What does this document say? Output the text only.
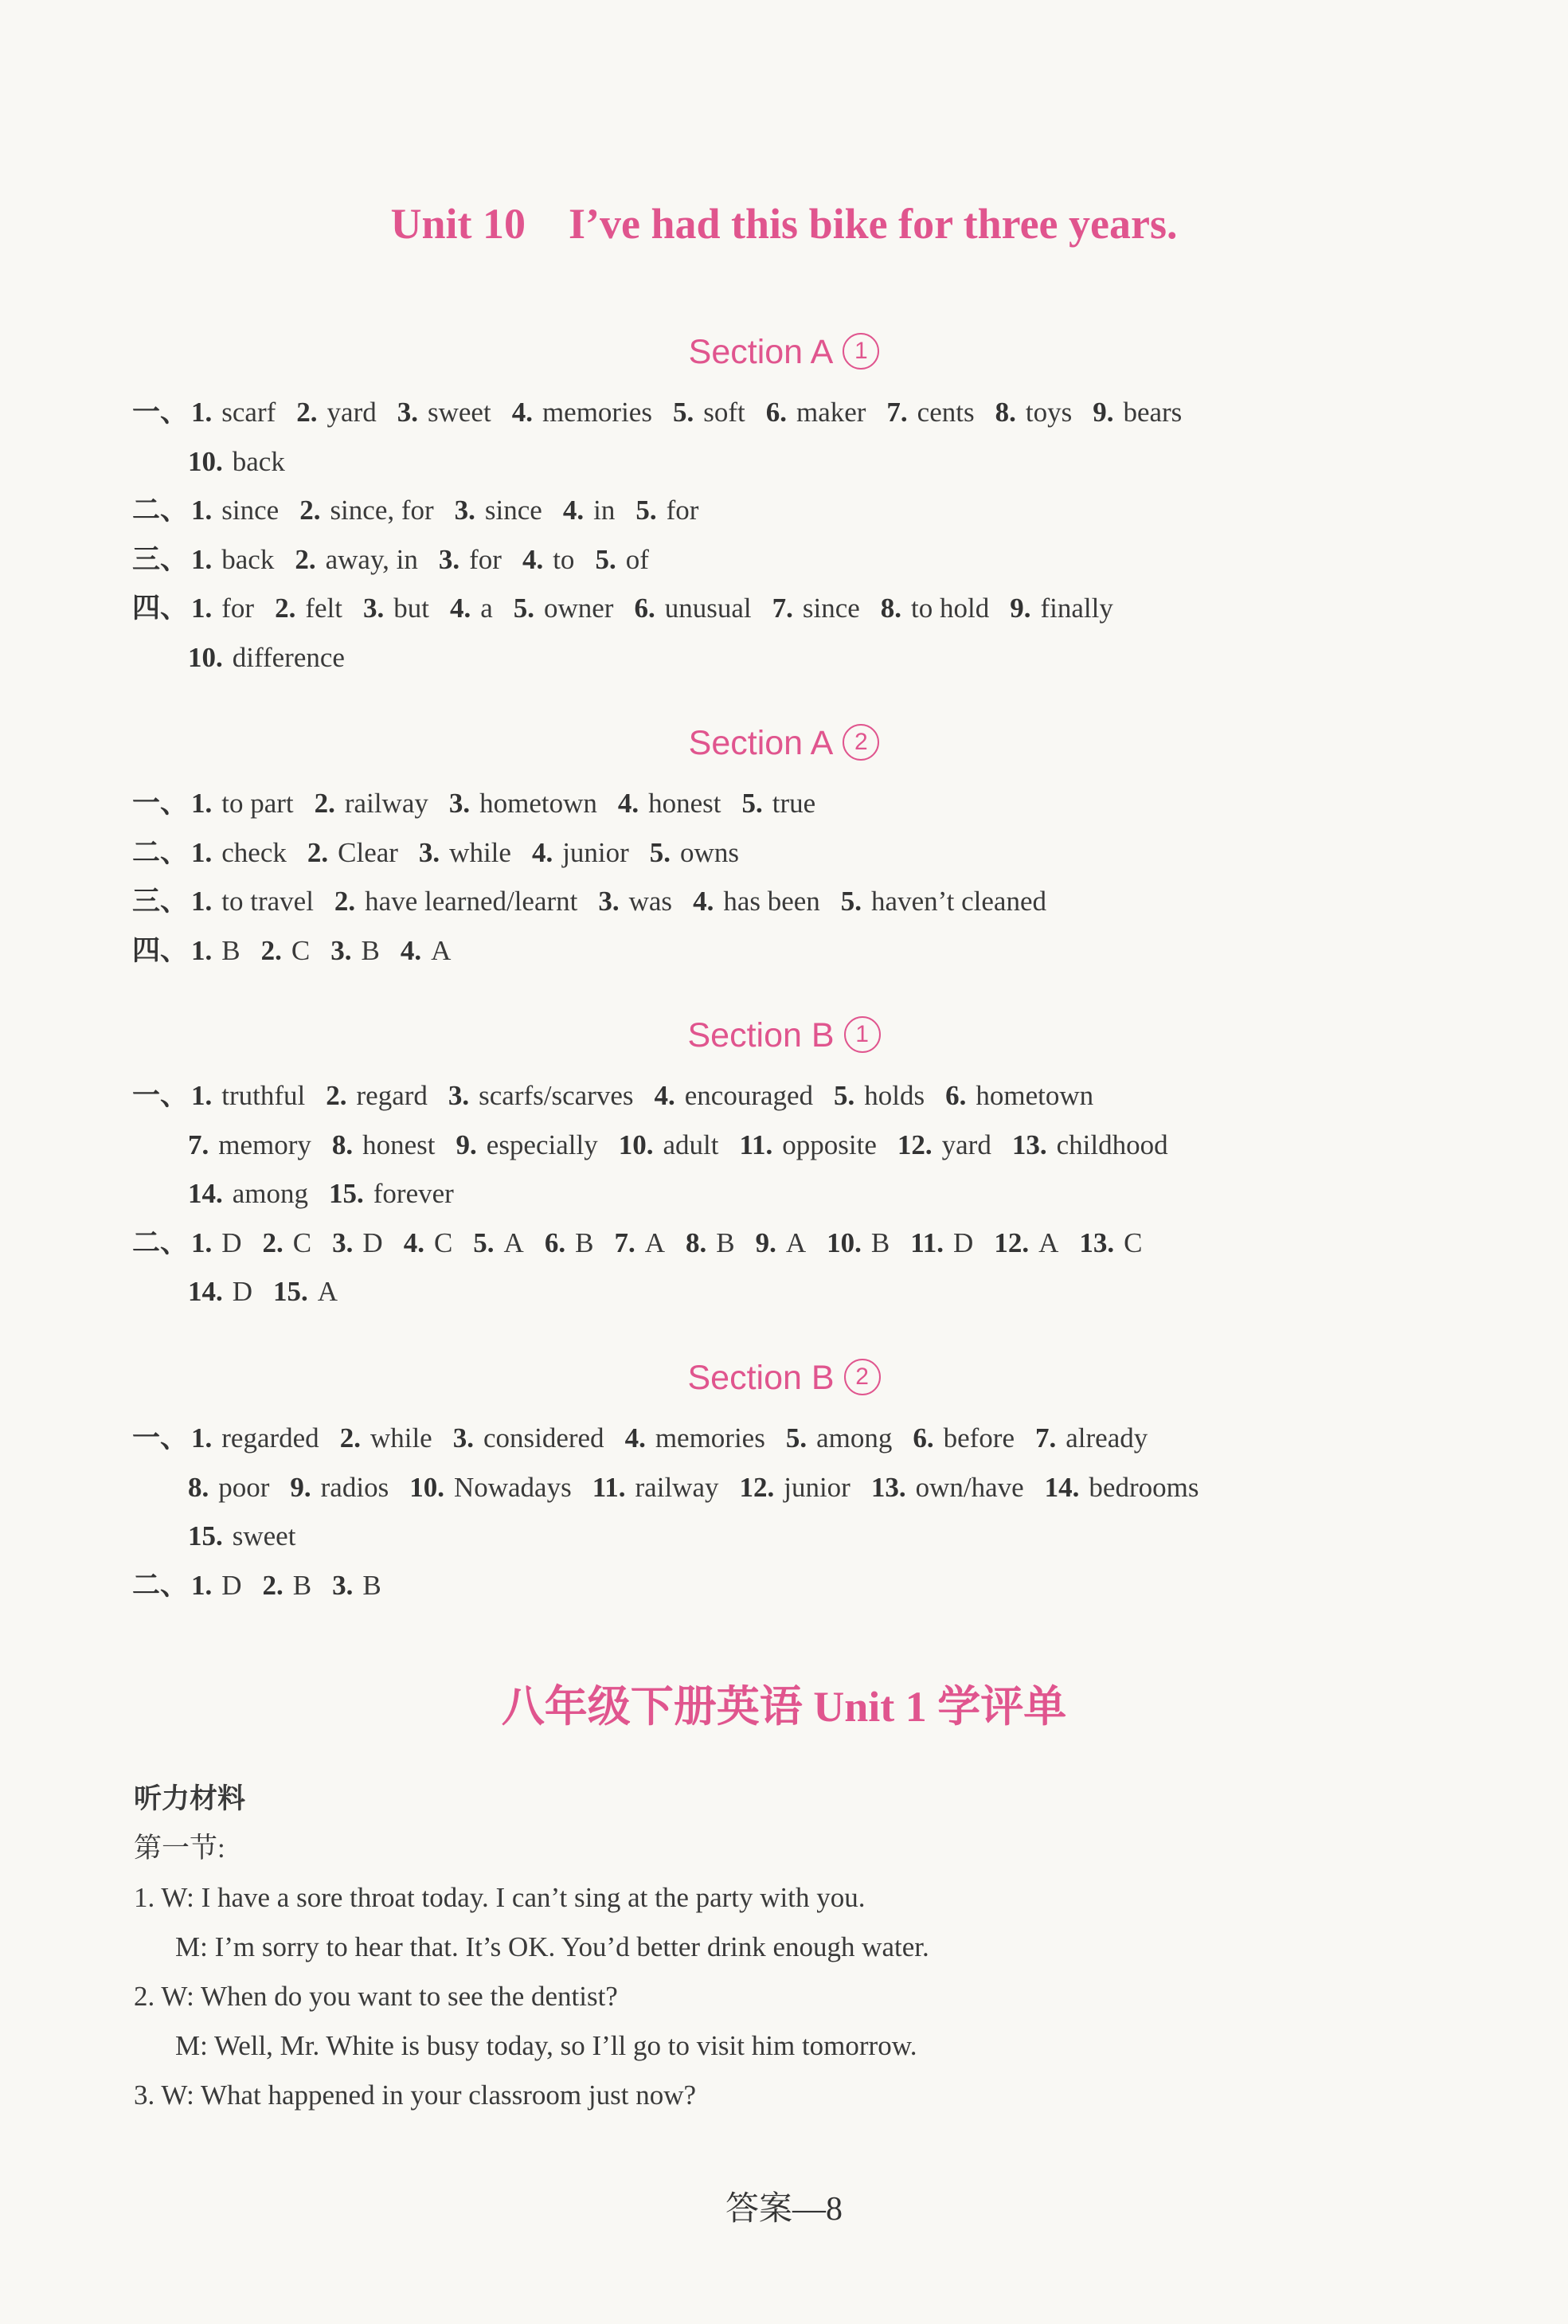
Unit 10    I’ve had this bike for three years.
Section A 1
一、 1. scarf 2. yard 3. sweet 4. memories 5. soft 6. maker 7. cents 8. toys 9. bears
10. back
二、 1. since 2. since, for 3. since 4. in 5. for
三、 1. back 2. away, in 3. for 4. to 5. of
四、 1. for 2. felt 3. but 4. a 5. owner 6. unusual 7. since 8. to hold 9. finally
10. difference
Section A 2
一、 1. to part 2. railway 3. hometown 4. honest 5. true
二、 1. check 2. Clear 3. while 4. junior 5. owns
三、 1. to travel 2. have learned/learnt 3. was 4. has been 5. haven’t cleaned
四、 1. B 2. C 3. B 4. A
Section B 1
一、 1. truthful 2. regard 3. scarfs/scarves 4. encouraged 5. holds 6. hometown
7. memory 8. honest 9. especially 10. adult 11. opposite 12. yard 13. childhood
14. among 15. forever
二、 1. D 2. C 3. D 4. C 5. A 6. B 7. A 8. B 9. A 10. B 11. D 12. A 13. C
14. D 15. A
Section B 2
一、 1. regarded 2. while 3. considered 4. memories 5. among 6. before 7. already
8. poor 9. radios 10. Nowadays 11. railway 12. junior 13. own/have 14. bedrooms
15. sweet
二、 1. D 2. B 3. B
八年级下册英语 Unit 1 学评单
听力材料
第一节:
1. W: I have a sore throat today. I can’t sing at the party with you.
M: I’m sorry to hear that. It’s OK. You’d better drink enough water.
2. W: When do you want to see the dentist?
M: Well, Mr. White is busy today, so I’ll go to visit him tomorrow.
3. W: What happened in your classroom just now?
答案—8
